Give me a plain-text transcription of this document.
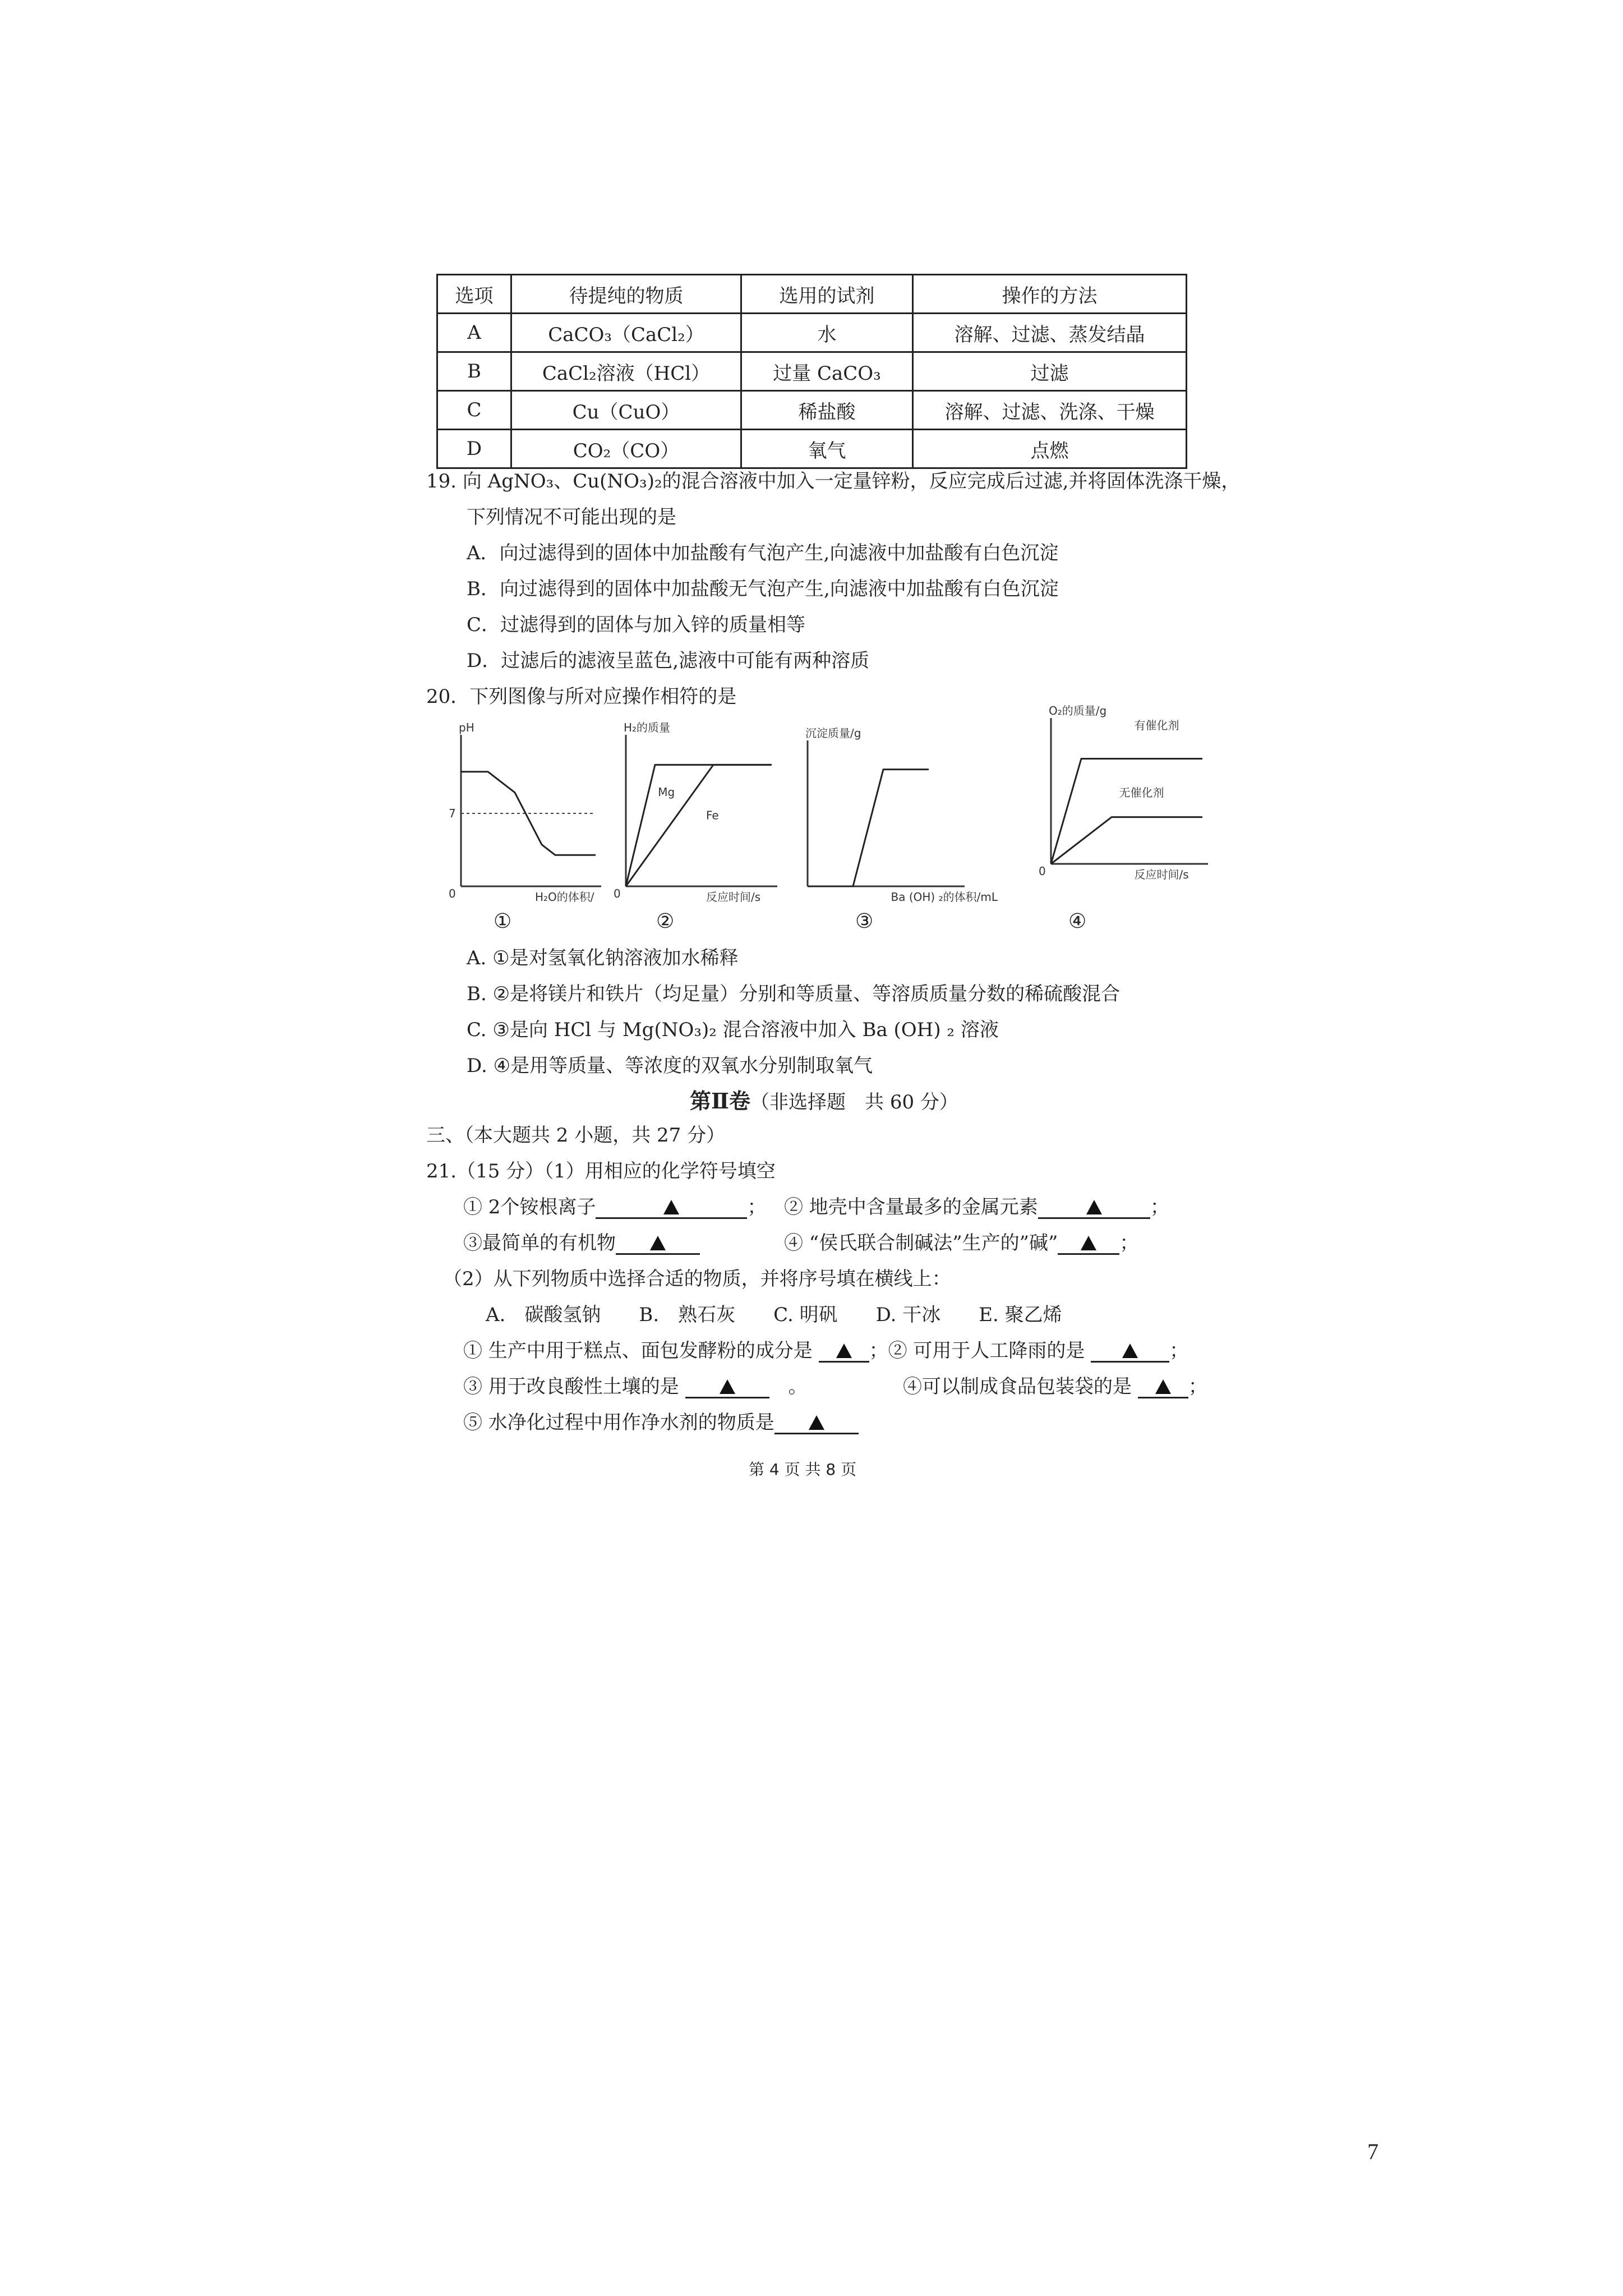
选项	待提纯的物质	选用的试剂	操作的方法
A	CaCO₃（CaCl₂）	水	溶解、过滤、蒸发结晶
B	CaCl₂溶液（HCl）	过量 CaCO₃	过滤
C	Cu（CuO）	稀盐酸	溶解、过滤、洗涤、干燥
D	CO₂（CO）	氧气	点燃
19. 向 AgNO₃、Cu(NO₃)₂的混合溶液中加入一定量锌粉，反应完成后过滤,并将固体洗涤干燥，
下列情况不可能出现的是
A．向过滤得到的固体中加盐酸有气泡产生,向滤液中加盐酸有白色沉淀
B．向过滤得到的固体中加盐酸无气泡产生,向滤液中加盐酸有白色沉淀
C．过滤得到的固体与加入锌的质量相等
D．过滤后的滤液呈蓝色,滤液中可能有两种溶质
20．下列图像与所对应操作相符的是
pH
H₂O的体积/
0
7
H₂的质量
反应时间/s
0
Mg
Fe
沉淀质量/g
Ba (OH) ₂的体积/mL
O₂的质量/g
反应时间/s
0
有催化剂
无催化剂
①	②	③	④
A. ①是对氢氧化钠溶液加水稀释
B. ②是将镁片和铁片（均足量）分别和等质量、等溶质质量分数的稀硫酸混合
C. ③是向 HCl 与 Mg(NO₃)₂ 混合溶液中加入 Ba (OH) ₂ 溶液
D. ④是用等质量、等浓度的双氧水分别制取氧气
第Ⅱ卷（非选择题　共 60 分）
三、（本大题共 2 小题，共 27 分）
21.（15 分）（1）用相应的化学符号填空
① 2个铵根离子	； ② 地壳中含量最多的金属元素	；
③最简单的有机物	④ “侯氏联合制碱法”生产的”碱”	；
（2）从下列物质中选择合适的物质，并将序号填在横线上：
A.　碳酸氢钠　　B.　熟石灰　　C. 明矾　　D. 干冰　　E. 聚乙烯
① 生产中用于糕点、面包发酵粉的成分是	；② 可用于人工降雨的是	；
③ 用于改良酸性土壤的是	　。	④可以制成食品包装袋的是	；
⑤ 水净化过程中用作净水剂的物质是
第 4 页 共 8 页
7
